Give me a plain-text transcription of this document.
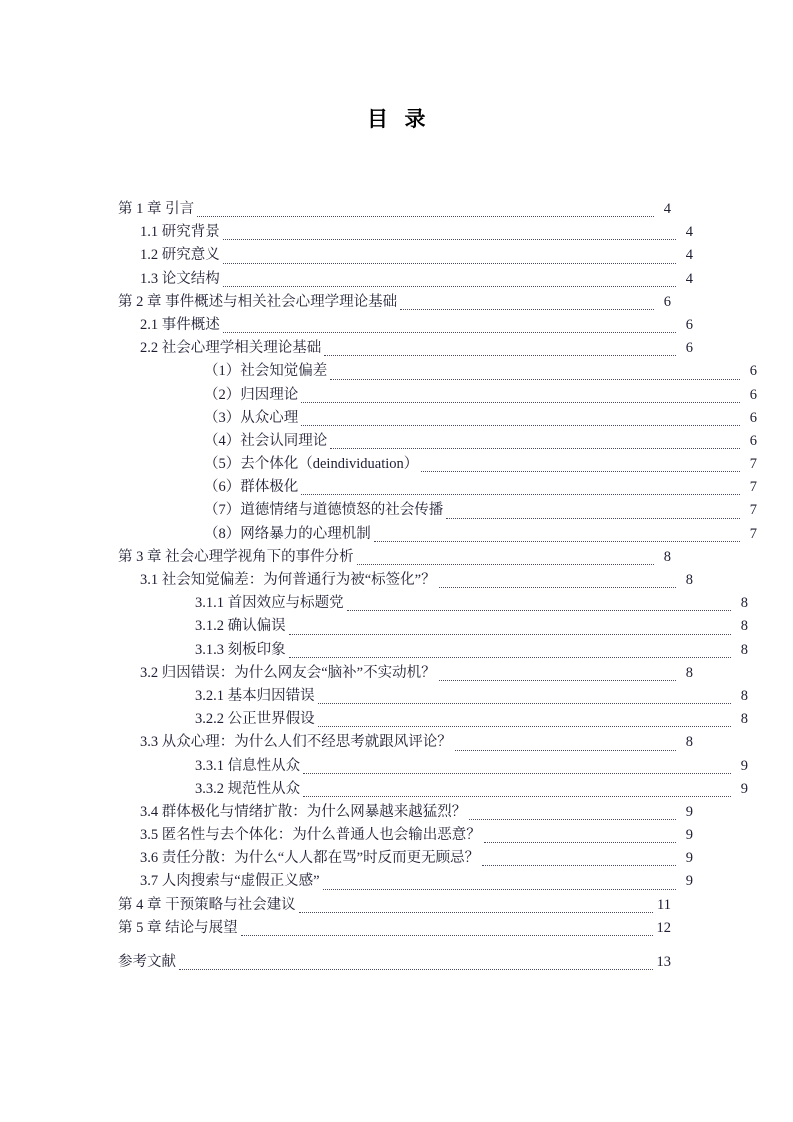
目 录
第 1 章 引言	4
1.1 研究背景	4
1.2 研究意义	4
1.3 论文结构	4
第 2 章 事件概述与相关社会心理学理论基础	6
2.1 事件概述	6
2.2 社会心理学相关理论基础	6
（1）社会知觉偏差	6
（2）归因理论	6
（3）从众心理	6
（4）社会认同理论	6
（5）去个体化（deindividuation）	7
（6）群体极化	7
（7）道德情绪与道德愤怒的社会传播	7
（8）网络暴力的心理机制	7
第 3 章 社会心理学视角下的事件分析	8
3.1 社会知觉偏差：为何普通行为被“标签化”？	8
3.1.1 首因效应与标题党	8
3.1.2 确认偏误	8
3.1.3 刻板印象	8
3.2 归因错误：为什么网友会“脑补”不实动机？	8
3.2.1 基本归因错误	8
3.2.2 公正世界假设	8
3.3 从众心理：为什么人们不经思考就跟风评论？	8
3.3.1 信息性从众	9
3.3.2 规范性从众	9
3.4 群体极化与情绪扩散：为什么网暴越来越猛烈？	9
3.5 匿名性与去个体化：为什么普通人也会输出恶意？	9
3.6 责任分散：为什么“人人都在骂”时反而更无顾忌？	9
3.7 人肉搜索与“虚假正义感”	9
第 4 章 干预策略与社会建议	11
第 5 章 结论与展望	12
参考文献	13
